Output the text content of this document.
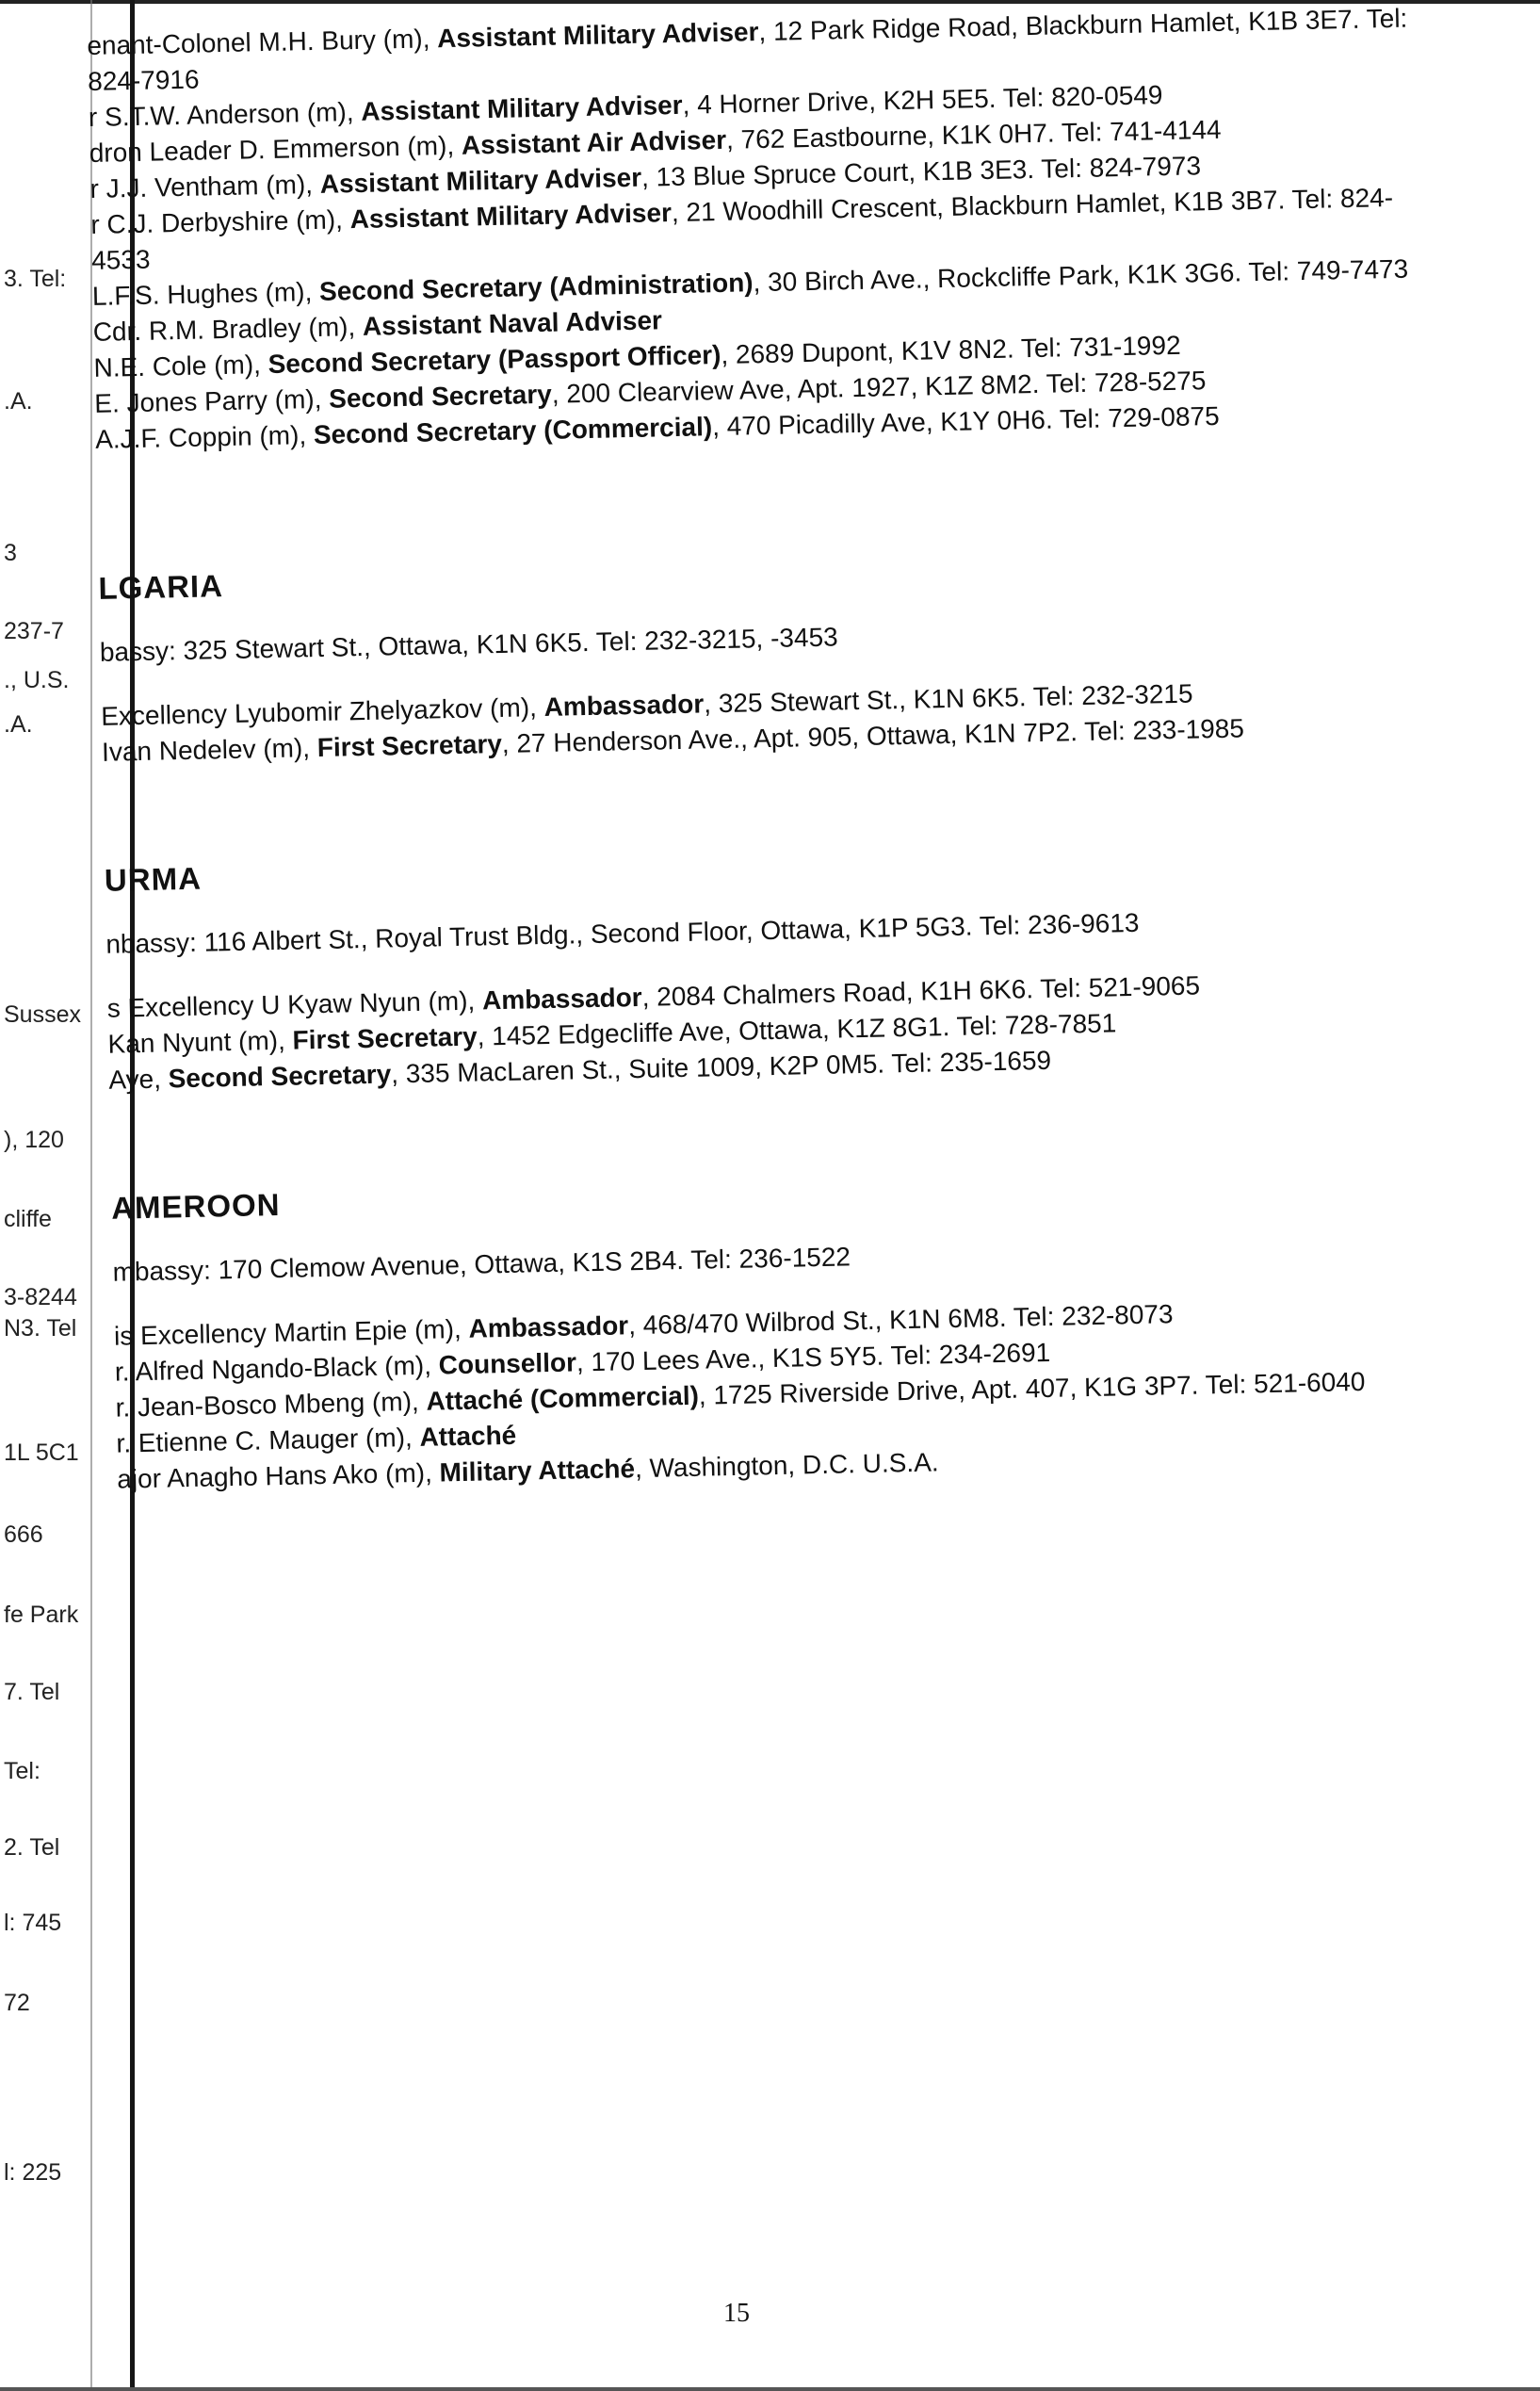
3. Tel:
.A.
3
237-7
., U.S.
.A.
Sussex
), 120
cliffe
3-8244
N3. Tel
1L 5C1
666
fe Park
7. Tel
Tel:
2. Tel
l: 745
72
l: 225

enant-Colonel M.H. Bury (m), Assistant Military Adviser, 12 Park Ridge Road, Blackburn Hamlet, K1B 3E7. Tel: 824-7916

r S.T.W. Anderson (m), Assistant Military Adviser, 4 Horner Drive, K2H 5E5. Tel: 820-0549

dron Leader D. Emmerson (m), Assistant Air Adviser, 762 Eastbourne, K1K 0H7. Tel: 741-4144

r J.J. Ventham (m), Assistant Military Adviser, 13 Blue Spruce Court, K1B 3E3. Tel: 824-7973

r C.J. Derbyshire (m), Assistant Military Adviser, 21 Woodhill Crescent, Blackburn Hamlet, K1B 3B7. Tel: 824-4533

L.F.S. Hughes (m), Second Secretary (Administration), 30 Birch Ave., Rockcliffe Park, K1K 3G6. Tel: 749-7473

Cdr. R.M. Bradley (m), Assistant Naval Adviser

N.E. Cole (m), Second Secretary (Passport Officer), 2689 Dupont, K1V 8N2. Tel: 731-1992

E. Jones Parry (m), Second Secretary, 200 Clearview Ave, Apt. 1927, K1Z 8M2. Tel: 728-5275

A.J.F. Coppin (m), Second Secretary (Commercial), 470 Picadilly Ave, K1Y 0H6. Tel: 729-0875

LGARIA

bassy: 325 Stewart St., Ottawa, K1N 6K5. Tel: 232-3215, -3453

Excellency Lyubomir Zhelyazkov (m), Ambassador, 325 Stewart St., K1N 6K5. Tel: 232-3215

Ivan Nedelev (m), First Secretary, 27 Henderson Ave., Apt. 905, Ottawa, K1N 7P2. Tel: 233-1985

URMA

nbassy: 116 Albert St., Royal Trust Bldg., Second Floor, Ottawa, K1P 5G3. Tel: 236-9613

s Excellency U Kyaw Nyun (m), Ambassador, 2084 Chalmers Road, K1H 6K6. Tel: 521-9065

Kan Nyunt (m), First Secretary, 1452 Edgecliffe Ave, Ottawa, K1Z 8G1. Tel: 728-7851

Aye, Second Secretary, 335 MacLaren St., Suite 1009, K2P 0M5. Tel: 235-1659

AMEROON

mbassy: 170 Clemow Avenue, Ottawa, K1S 2B4. Tel: 236-1522

is Excellency Martin Epie (m), Ambassador, 468/470 Wilbrod St., K1N 6M8. Tel: 232-8073

r. Alfred Ngando-Black (m), Counsellor, 170 Lees Ave., K1S 5Y5. Tel: 234-2691

r. Jean-Bosco Mbeng (m), Attaché (Commercial), 1725 Riverside Drive, Apt. 407, K1G 3P7. Tel: 521-6040

r. Etienne C. Mauger (m), Attaché

ajor Anagho Hans Ako (m), Military Attaché, Washington, D.C. U.S.A.

15
